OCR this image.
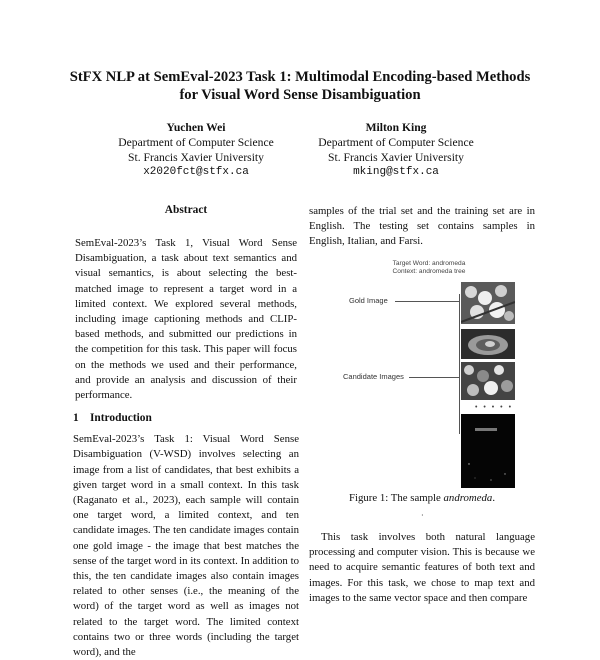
StFX NLP at SemEval-2023 Task 1: Multimodal Encoding-based Methods
for Visual Word Sense Disambiguation
Yuchen Wei
Department of Computer Science
St. Francis Xavier University
x2020fct@stfx.ca
Milton King
Department of Computer Science
St. Francis Xavier University
mking@stfx.ca
Abstract

SemEval-2023’s Task 1, Visual Word Sense Disambiguation, a task about text semantics and visual semantics, is about selecting the best-matched image to represent a target word in a limited context. We explored several methods, including image captioning methods and CLIP-based methods, and submitted our predictions in the competition for this task. This paper will focus on the methods we used and their performance, and provide an analysis and discussion of their performance.

1 Introduction

SemEval-2023’s Task 1: Visual Word Sense Disambiguation (V-WSD) involves selecting an image from a list of candidates, that best exhibits a given target word in a small context. In this task (Raganato et al., 2023), each sample will contain one target word, a limited context, and ten candidate images. The ten candidate images contain one gold image - the image that best matches the sense of the target word in its context. In addition to this, the ten candidate images also contain images related to other senses (i.e., the meaning of the word) of the target word as well as images not related to the target word. The limited context contains two or three words (including the target word), and the

samples of the trial set and the training set are in English. The testing set contains samples in English, Italian, and Farsi.

Target Word: andromeda
Context: andromeda tree
Gold Image
Candidate Images
• • • • •
Figure 1: The sample andromeda.
·

This task involves both natural language processing and computer vision. This is because we need to acquire semantic features of both text and images. For this task, we chose to map text and images to the same vector space and then compare
